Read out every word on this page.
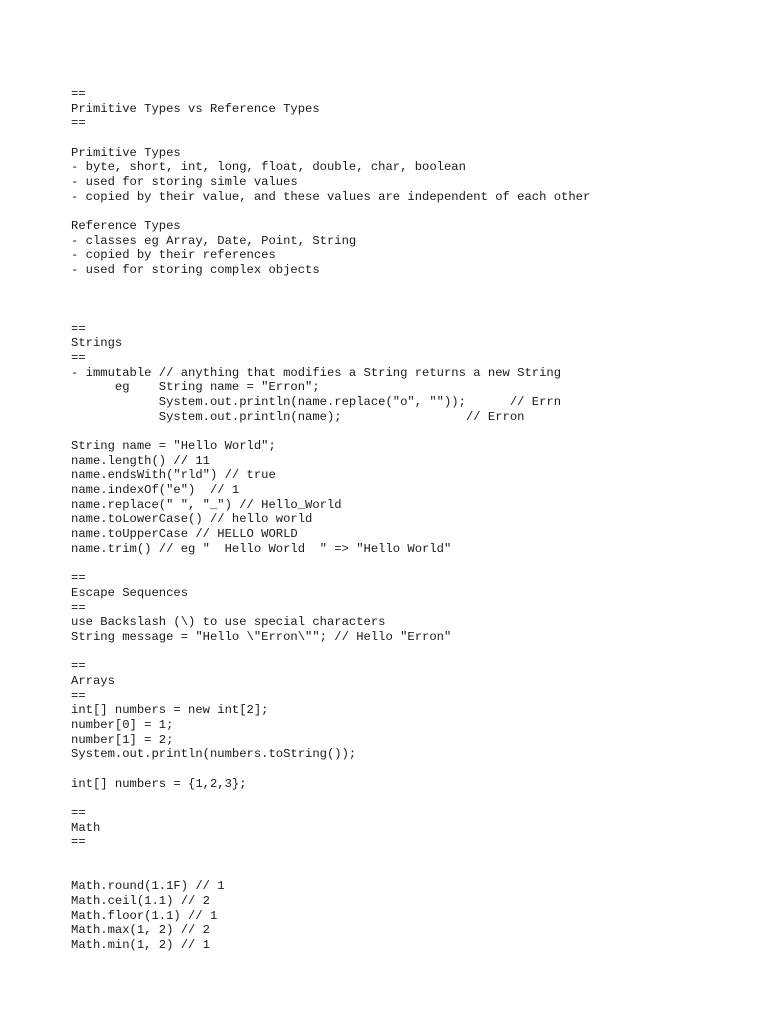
==
Primitive Types vs Reference Types
==
Primitive Types
- byte, short, int, long, float, double, char, boolean
- used for storing simle values
- copied by their value, and these values are independent of each other
Reference Types
- classes eg Array, Date, Point, String
- copied by their references
- used for storing complex objects
==
Strings
==
- immutable // anything that modifies a String returns a new String
eg    String name = "Erron";
System.out.println(name.replace("o", ""));      // Errn
System.out.println(name);                 // Erron
String name = "Hello World";
name.length() // 11
name.endsWith("rld") // true
name.indexOf("e")  // 1
name.replace(" ", "_") // Hello_World
name.toLowerCase() // hello world
name.toUpperCase // HELLO WORLD
name.trim() // eg "  Hello World  " => "Hello World"
==
Escape Sequences
==
use Backslash (\) to use special characters
String message = "Hello \"Erron\""; // Hello "Erron"
==
Arrays
==
int[] numbers = new int[2];
number[0] = 1;
number[1] = 2;
System.out.println(numbers.toString());
int[] numbers = {1,2,3};
==
Math
==
Math.round(1.1F) // 1
Math.ceil(1.1) // 2
Math.floor(1.1) // 1
Math.max(1, 2) // 2
Math.min(1, 2) // 1
